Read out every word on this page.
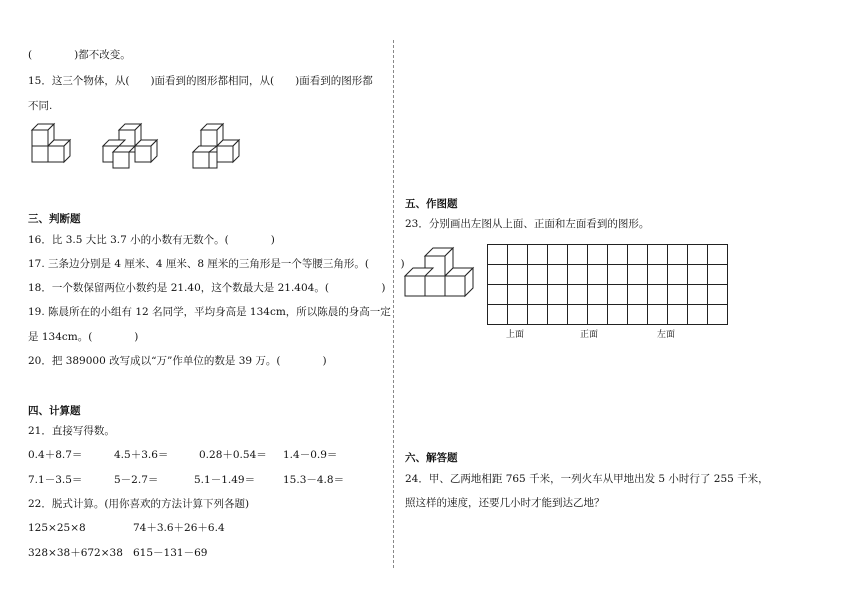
(　　　　)都不改变。
15．这三个物体，从(　　)面看到的图形都相同，从(　　)面看到的图形都
不同.
三、判断题
16．比 3.5 大比 3.7 小的小数有无数个。(　　　　)
17. 三条边分别是 4 厘米、4 厘米、8 厘米的三角形是一个等腰三角形。(　　　)
18．一个数保留两位小数约是 21.40，这个数最大是 21.404。(　　　　　)
19. 陈晨所在的小组有 12 名同学，平均身高是 134cm，所以陈晨的身高一定
是 134cm。(　　　　)
20．把 389000 改写成以“万”作单位的数是 39 万。(　　　　)
四、计算题
21．直接写得数。
0.4＋8.7＝	4.5＋3.6＝	0.28＋0.54＝ 1.4－0.9＝
7.1－3.5＝	5－2.7＝	5.1－1.49＝	15.3－4.8＝
22．脱式计算。(用你喜欢的方法计算下列各题)
125×25×8	74＋3.6＋26＋6.4
328×38＋672×38 615－131－69
五、作图题
23．分别画出左图从上面、正面和左面看到的图形。
上面	正面	左面
六、解答题
24．甲、乙两地相距 765 千米，一列火车从甲地出发 5 小时行了 255 千米，
照这样的速度，还要几小时才能到达乙地？
